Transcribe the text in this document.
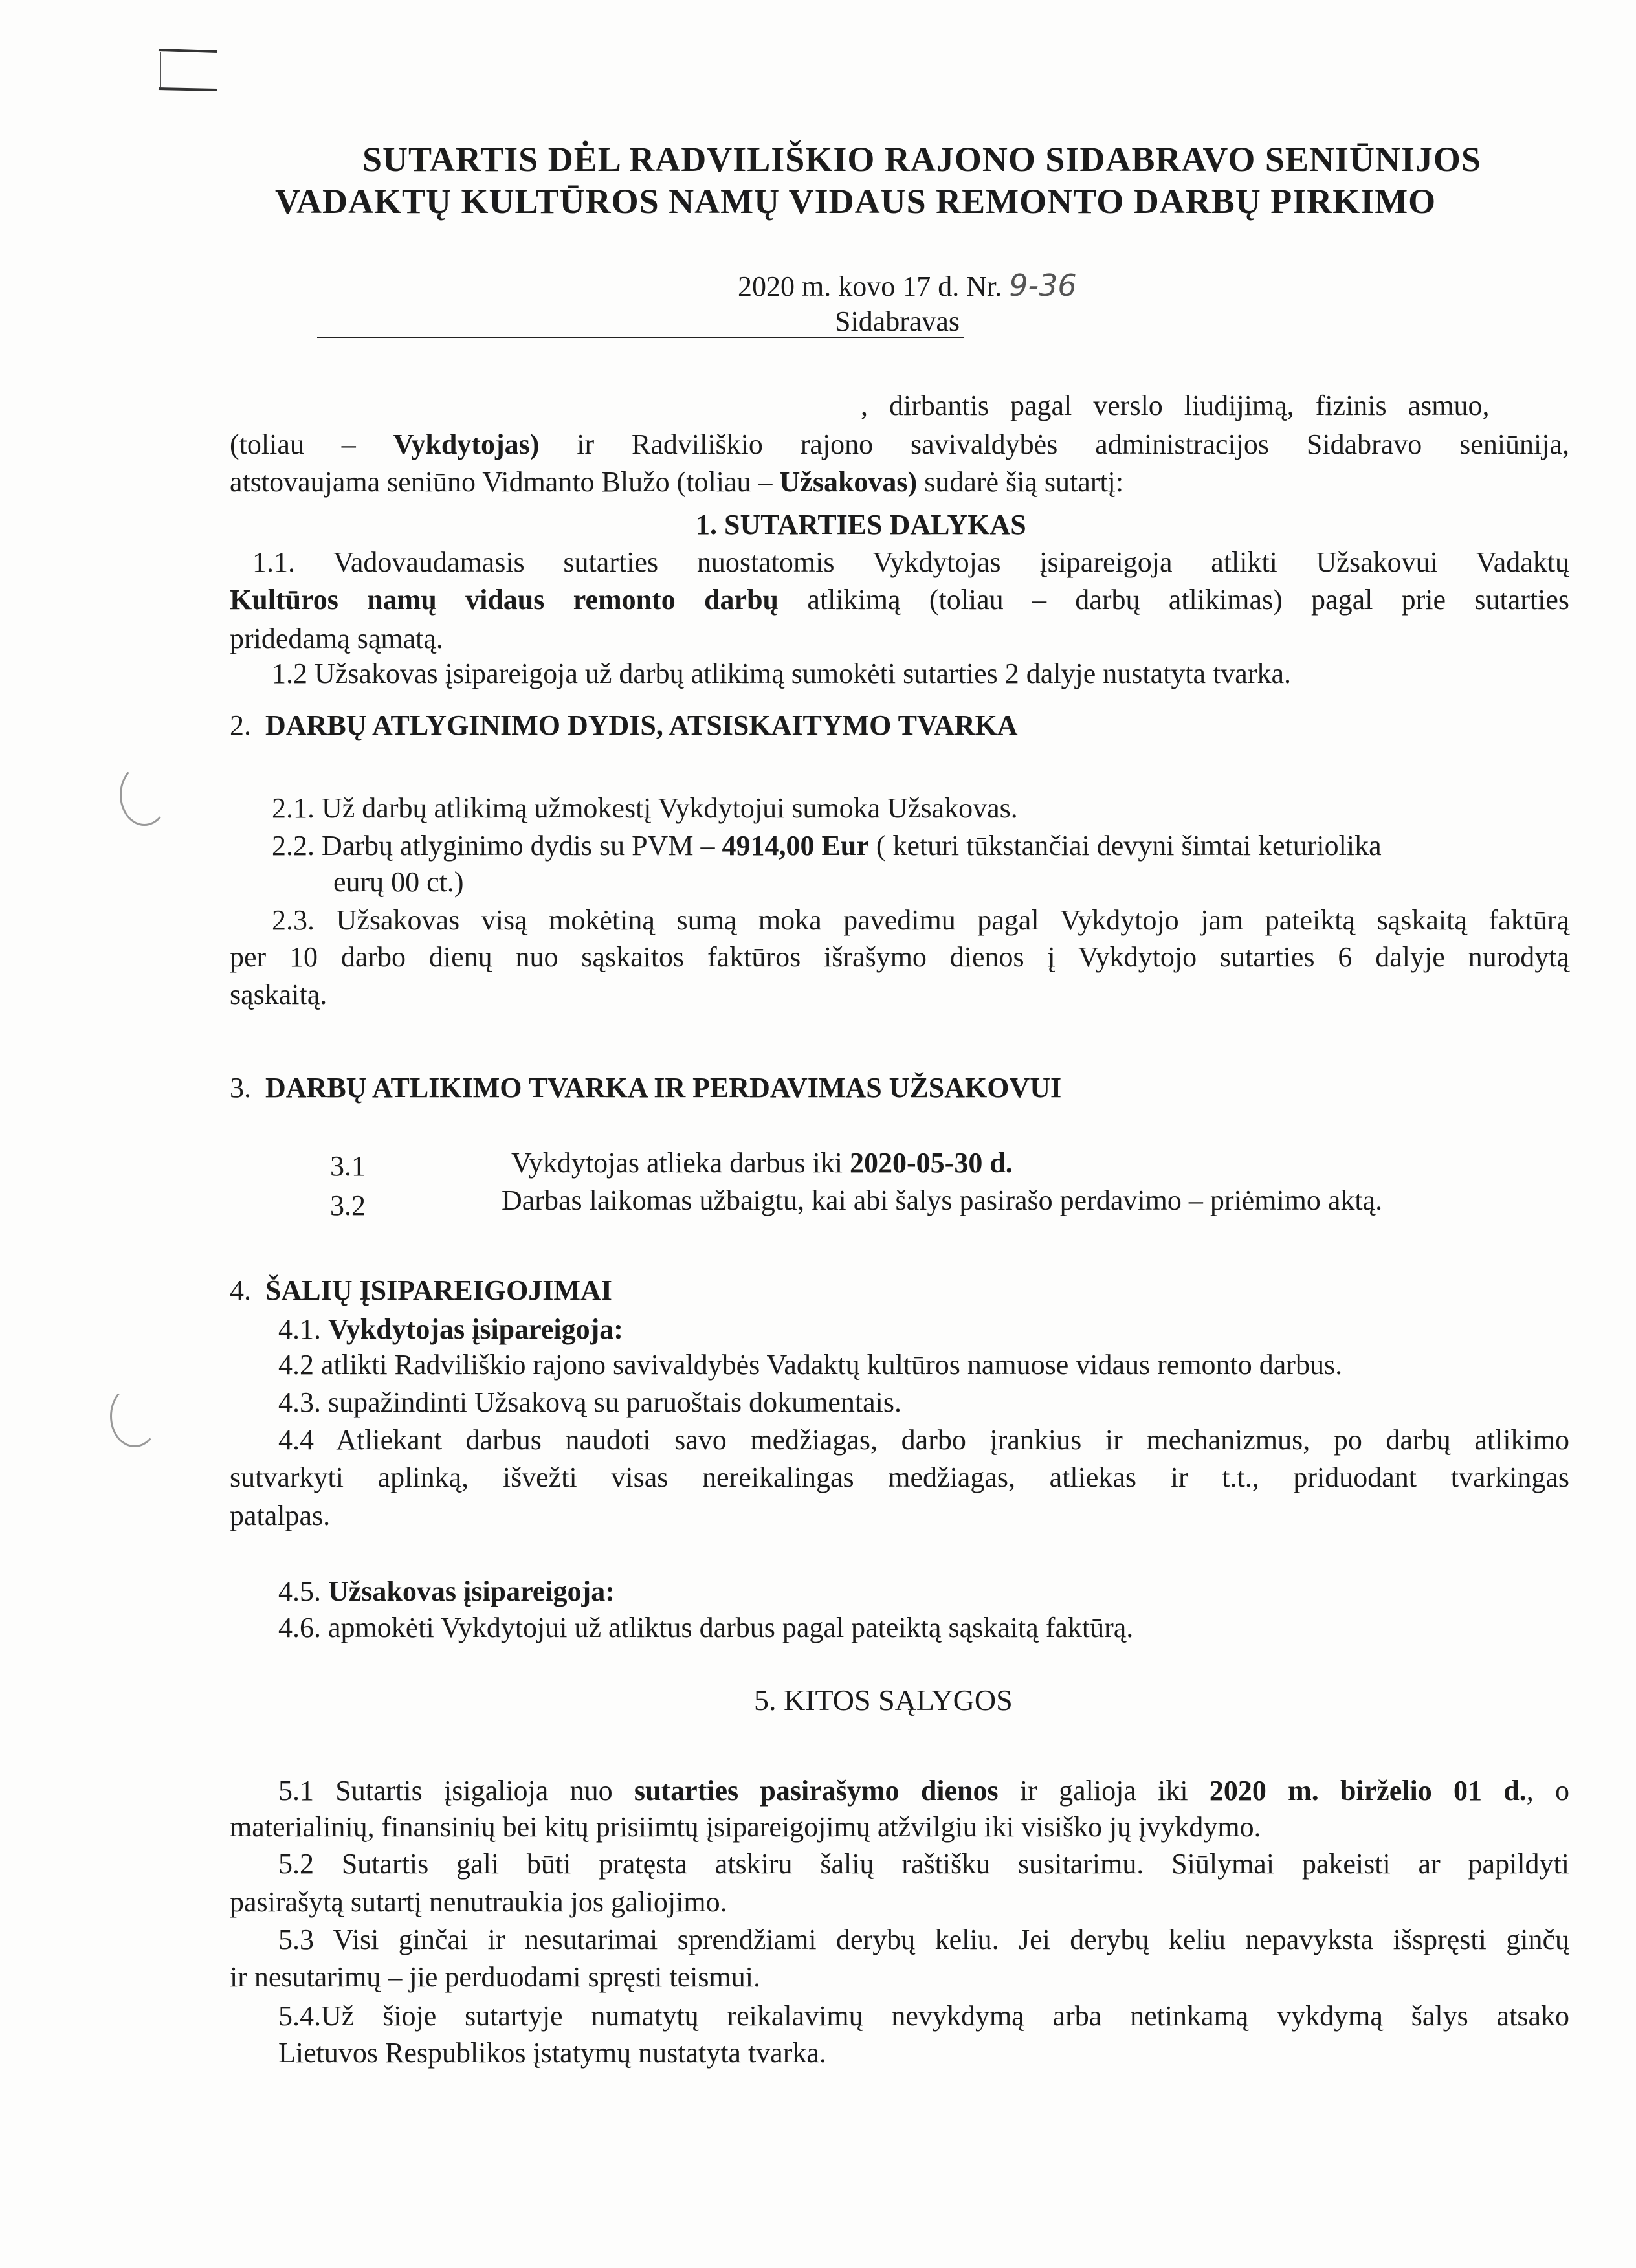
SUTARTIS DĖL RADVILIŠKIO RAJONO SIDABRAVO SENIŪNIJOS
VADAKTŲ KULTŪROS NAMŲ VIDAUS REMONTO DARBŲ PIRKIMO
2020 m. kovo 17 d. Nr. 9-36
Sidabravas
, dirbantis pagal verslo liudijimą, fizinis asmuo,
(toliau – Vykdytojas) ir Radviliškio rajono savivaldybės administracijos Sidabravo seniūnija,
atstovaujama seniūno Vidmanto Blužo (toliau – Užsakovas) sudarė šią sutartį:
1. SUTARTIES DALYKAS
1.1. Vadovaudamasis sutarties nuostatomis Vykdytojas įsipareigoja atlikti Užsakovui Vadaktų
Kultūros namų vidaus remonto darbų atlikimą (toliau – darbų atlikimas) pagal prie sutarties
pridedamą sąmatą.
1.2 Užsakovas įsipareigoja už darbų atlikimą sumokėti sutarties 2 dalyje nustatyta tvarka.
2. DARBŲ ATLYGINIMO DYDIS, ATSISKAITYMO TVARKA
2.1. Už darbų atlikimą užmokestį Vykdytojui sumoka Užsakovas.
2.2. Darbų atlyginimo dydis su PVM – 4914,00 Eur ( keturi tūkstančiai devyni šimtai keturiolika
eurų 00 ct.)
2.3. Užsakovas visą mokėtiną sumą moka pavedimu pagal Vykdytojo jam pateiktą sąskaitą faktūrą
per 10 darbo dienų nuo sąskaitos faktūros išrašymo dienos į Vykdytojo sutarties 6 dalyje nurodytą
sąskaitą.
3. DARBŲ ATLIKIMO TVARKA IR PERDAVIMAS UŽSAKOVUI
3.1	Vykdytojas atlieka darbus iki 2020-05-30 d.
3.2	Darbas laikomas užbaigtu, kai abi šalys pasirašo perdavimo – priėmimo aktą.
4. ŠALIŲ ĮSIPAREIGOJIMAI
4.1. Vykdytojas įsipareigoja:
4.2 atlikti Radviliškio rajono savivaldybės Vadaktų kultūros namuose vidaus remonto darbus.
4.3. supažindinti Užsakovą su paruoštais dokumentais.
4.4 Atliekant darbus naudoti savo medžiagas, darbo įrankius ir mechanizmus, po darbų atlikimo
sutvarkyti aplinką, išvežti visas nereikalingas medžiagas, atliekas ir t.t., priduodant tvarkingas
patalpas.
4.5. Užsakovas įsipareigoja:
4.6. apmokėti Vykdytojui už atliktus darbus pagal pateiktą sąskaitą faktūrą.
5. KITOS SĄLYGOS
5.1 Sutartis įsigalioja nuo sutarties pasirašymo dienos ir galioja iki 2020 m. birželio 01 d., o
materialinių, finansinių bei kitų prisiimtų įsipareigojimų atžvilgiu iki visiško jų įvykdymo.
5.2 Sutartis gali būti pratęsta atskiru šalių raštišku susitarimu. Siūlymai pakeisti ar papildyti
pasirašytą sutartį nenutraukia jos galiojimo.
5.3 Visi ginčai ir nesutarimai sprendžiami derybų keliu. Jei derybų keliu nepavyksta išspręsti ginčų
ir nesutarimų – jie perduodami spręsti teismui.
5.4.Už šioje sutartyje numatytų reikalavimų nevykdymą arba netinkamą vykdymą šalys atsako
Lietuvos Respublikos įstatymų nustatyta tvarka.
